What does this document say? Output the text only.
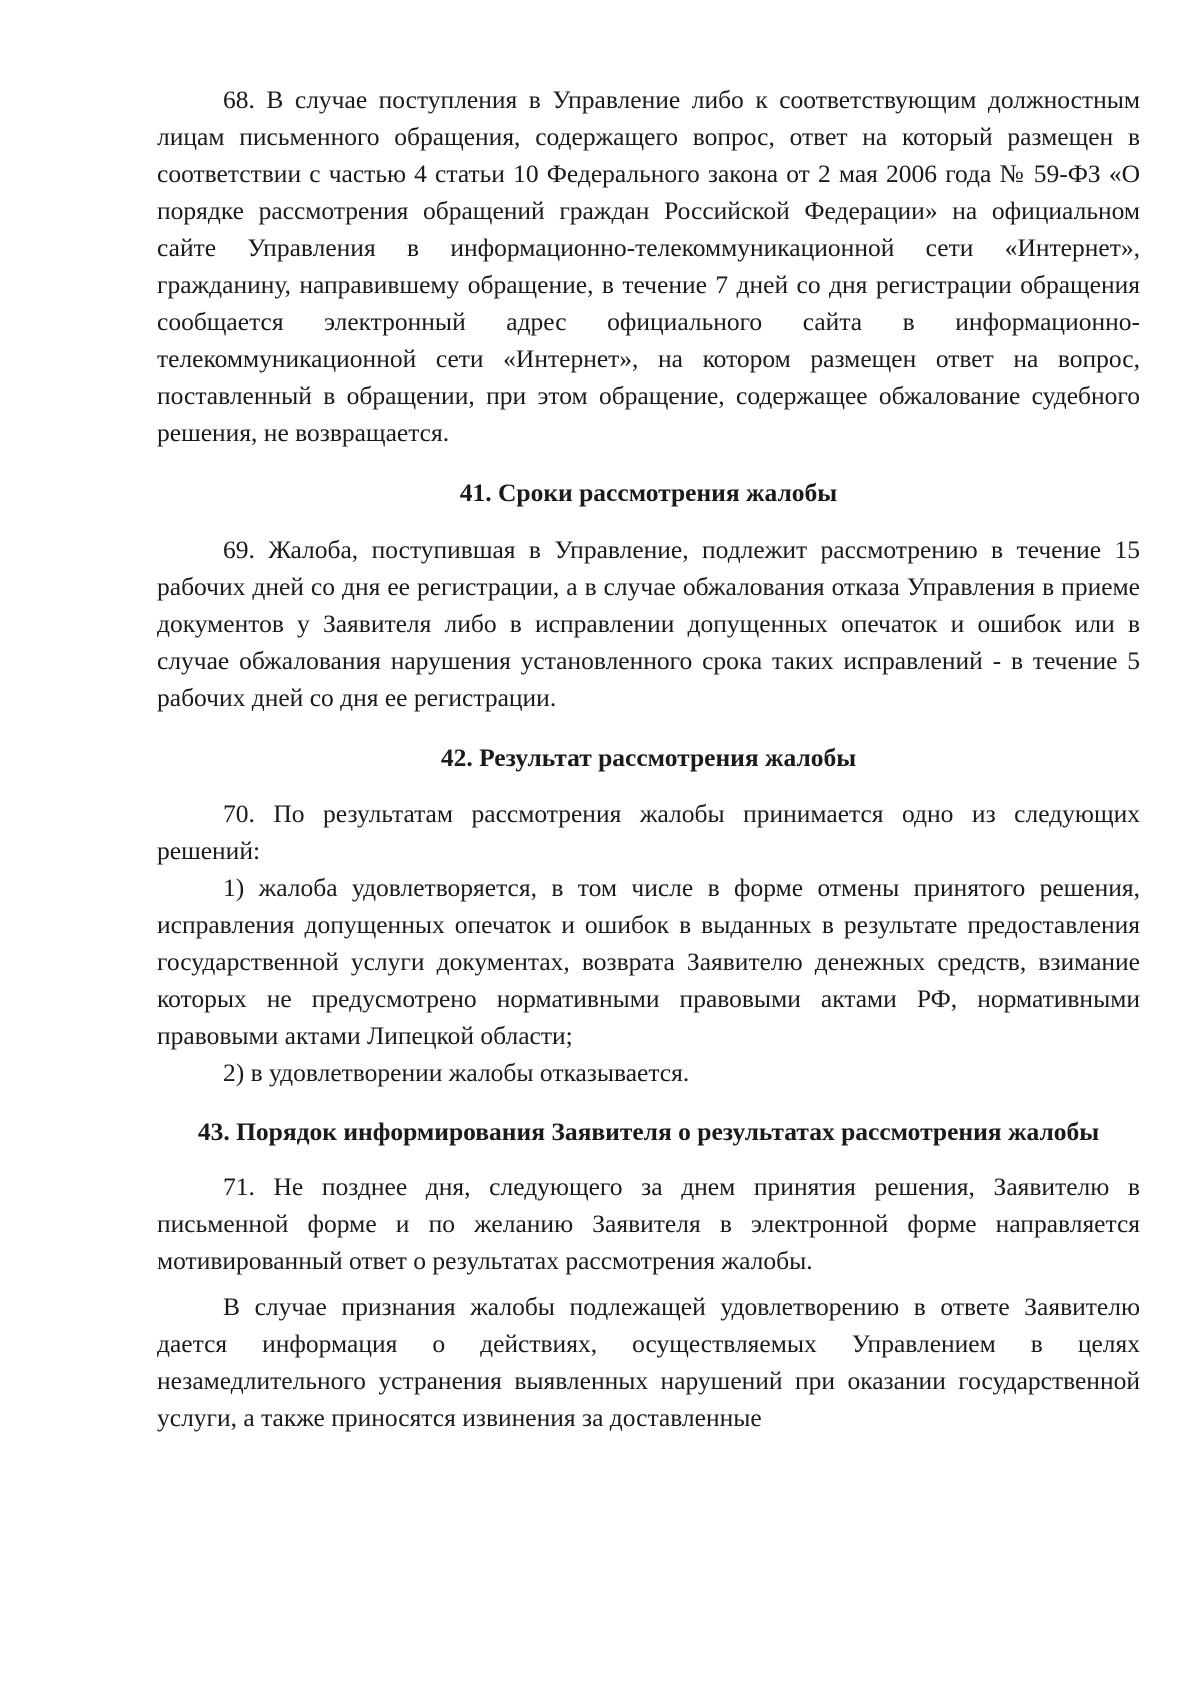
68. В случае поступления в Управление либо к соответствующим должностным лицам письменного обращения, содержащего вопрос, ответ на который размещен в соответствии с частью 4 статьи 10 Федерального закона от 2 мая 2006 года № 59-ФЗ «О порядке рассмотрения обращений граждан Российской Федерации» на официальном сайте Управления в информационно-телекоммуникационной сети «Интернет», гражданину, направившему обращение, в течение 7 дней со дня регистрации обращения сообщается электронный адрес официального сайта в информационно-телекоммуникационной сети «Интернет», на котором размещен ответ на вопрос, поставленный в обращении, при этом обращение, содержащее обжалование судебного решения, не возвращается.

41. Сроки рассмотрения жалобы

69. Жалоба, поступившая в Управление, подлежит рассмотрению в течение 15 рабочих дней со дня ее регистрации, а в случае обжалования отказа Управления в приеме документов у Заявителя либо в исправлении допущенных опечаток и ошибок или в случае обжалования нарушения установленного срока таких исправлений - в течение 5 рабочих дней со дня ее регистрации.

42. Результат рассмотрения жалобы

70. По результатам рассмотрения жалобы принимается одно из следующих решений:

1) жалоба удовлетворяется, в том числе в форме отмены принятого решения, исправления допущенных опечаток и ошибок в выданных в результате предоставления государственной услуги документах, возврата Заявителю денежных средств, взимание которых не предусмотрено нормативными правовыми актами РФ, нормативными правовыми актами Липецкой области;

2) в удовлетворении жалобы отказывается.

43. Порядок информирования Заявителя о результатах рассмотрения жалобы

71. Не позднее дня, следующего за днем принятия решения, Заявителю в письменной форме и по желанию Заявителя в электронной форме направляется мотивированный ответ о результатах рассмотрения жалобы.

В случае признания жалобы подлежащей удовлетворению в ответе Заявителю дается информация о действиях, осуществляемых Управлением в целях незамедлительного устранения выявленных нарушений при оказании государственной услуги, а также приносятся извинения за доставленные
